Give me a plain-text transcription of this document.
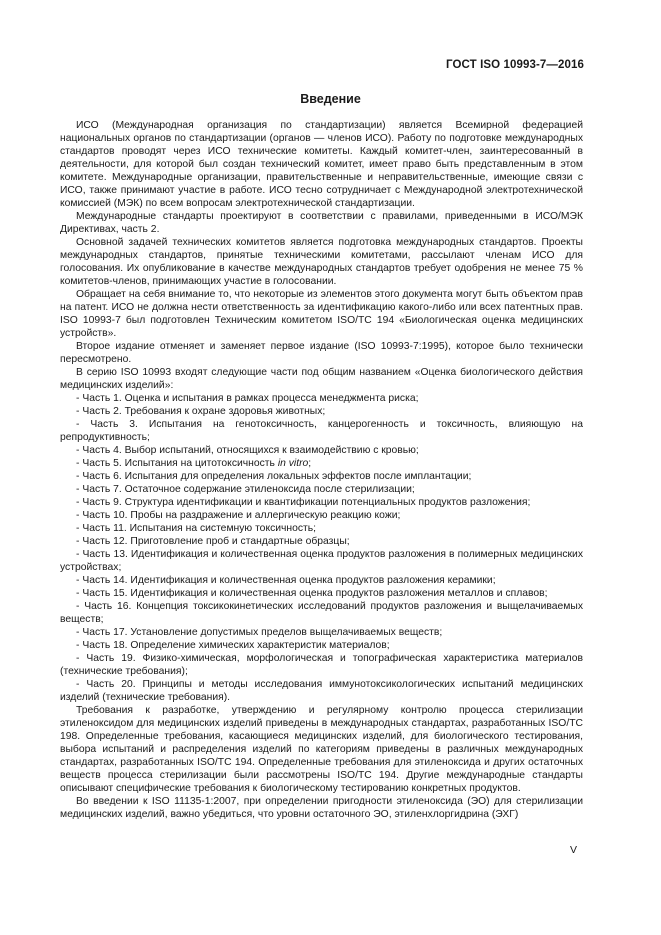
ГОСТ ISO 10993-7—2016
Введение

ИСО (Международная организация по стандартизации) является Всемирной федерацией национальных органов по стандартизации (органов — членов ИСО). Работу по подготовке международных стандартов проводят через ИСО технические комитеты. Каждый комитет-член, заинтересованный в деятельности, для которой был создан технический комитет, имеет право быть представленным в этом комитете. Международные организации, правительственные и неправительственные, имеющие связи с ИСО, также принимают участие в работе. ИСО тесно сотрудничает с Международной электротехнической комиссией (МЭК) по всем вопросам электротехнической стандартизации.

Международные стандарты проектируют в соответствии с правилами, приведенными в ИСО/МЭК Директивах, часть 2.

Основной задачей технических комитетов является подготовка международных стандартов. Проекты международных стандартов, принятые техническими комитетами, рассылают членам ИСО для голосования. Их опубликование в качестве международных стандартов требует одобрения не менее 75 % комитетов-членов, принимающих участие в голосовании.

Обращает на себя внимание то, что некоторые из элементов этого документа могут быть объектом прав на патент. ИСО не должна нести ответственность за идентификацию какого-либо или всех патентных прав. ISO 10993-7 был подготовлен Техническим комитетом ISO/TC 194 «Биологическая оценка медицинских устройств».

Второе издание отменяет и заменяет первое издание (ISO 10993-7:1995), которое было технически пересмотрено.

В серию ISO 10993 входят следующие части под общим названием «Оценка биологического действия медицинских изделий»:

- Часть 1. Оценка и испытания в рамках процесса менеджмента риска;

- Часть 2. Требования к охране здоровья животных;

- Часть 3. Испытания на генотоксичность, канцерогенность и токсичность, влияющую на репродуктивность;

- Часть 4. Выбор испытаний, относящихся к взаимодействию с кровью;

- Часть 5. Испытания на цитотоксичность in vitro;

- Часть 6. Испытания для определения локальных эффектов после имплантации;

- Часть 7. Остаточное содержание этиленоксида после стерилизации;

- Часть 9. Структура идентификации и квантификации потенциальных продуктов разложения;

- Часть 10. Пробы на раздражение и аллергическую реакцию кожи;

- Часть 11. Испытания на системную токсичность;

- Часть 12. Приготовление проб и стандартные образцы;

- Часть 13. Идентификация и количественная оценка продуктов разложения в полимерных медицинских устройствах;

- Часть 14. Идентификация и количественная оценка продуктов разложения керамики;

- Часть 15. Идентификация и количественная оценка продуктов разложения металлов и сплавов;

- Часть 16. Концепция токсикокинетических исследований продуктов разложения и выщелачиваемых веществ;

- Часть 17. Установление допустимых пределов выщелачиваемых веществ;

- Часть 18. Определение химических характеристик материалов;

- Часть 19. Физико-химическая, морфологическая и топографическая характеристика материалов (технические требования);

- Часть 20. Принципы и методы исследования иммунотоксикологических испытаний медицинских изделий (технические требования).

Требования к разработке, утверждению и регулярному контролю процесса стерилизации этиленоксидом для медицинских изделий приведены в международных стандартах, разработанных ISO/TC 198. Определенные требования, касающиеся медицинских изделий, для биологического тестирования, выбора испытаний и распределения изделий по категориям приведены в различных международных стандартах, разработанных ISO/TC 194. Определенные требования для этиленоксида и других остаточных веществ процесса стерилизации были рассмотрены ISO/TC 194. Другие международные стандарты описывают специфические требования к биологическому тестированию конкретных продуктов.

Во введении к ISO 11135-1:2007, при определении пригодности этиленоксида (ЭО) для стерилизации медицинских изделий, важно убедиться, что уровни остаточного ЭО, этиленхлоргидрина (ЭХГ)

V
